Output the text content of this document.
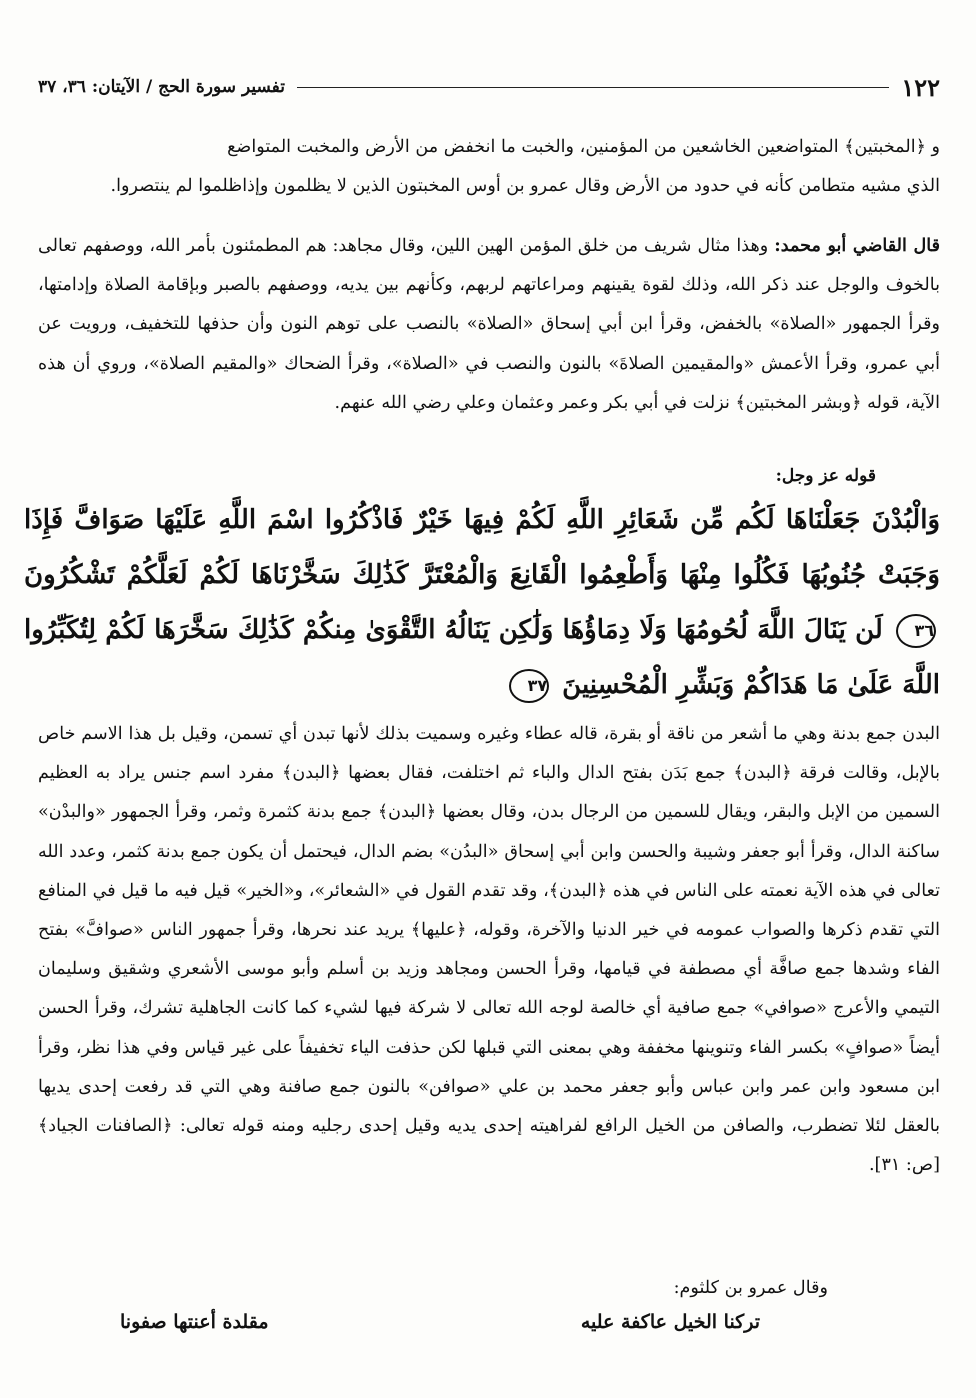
١٢٢
تفسير سورة الحج / الآيتان: ٣٦، ٣٧

و ﴿المخبتين﴾ المتواضعين الخاشعين من المؤمنين، والخبت ما انخفض من الأرض والمخبت المتواضع

الذي مشيه متطامن كأنه في حدود من الأرض وقال عمرو بن أوس المخبتون الذين لا يظلمون وإذاظلموا لم ينتصروا.

قال القاضي أبو محمد: وهذا مثال شريف من خلق المؤمن الهين اللين، وقال مجاهد: هم المطمئنون بأمر الله، ووصفهم تعالى بالخوف والوجل عند ذكر الله، وذلك لقوة يقينهم ومراعاتهم لربهم، وكأنهم بين يديه، ووصفهم بالصبر وبإقامة الصلاة وإدامتها، وقرأ الجمهور «الصلاة» بالخفض، وقرأ ابن أبي إسحاق «الصلاة» بالنصب على توهم النون وأن حذفها للتخفيف، ورويت عن أبي عمرو، وقرأ الأعمش «والمقيمين الصلاةَ» بالنون والنصب في «الصلاة»، وقرأ الضحاك «والمقيم الصلاة»، وروي أن هذه الآية، قوله ﴿وبشر المخبتين﴾ نزلت في أبي بكر وعمر وعثمان وعلي رضي الله عنهم.

قوله عز وجل:

وَالْبُدْنَ جَعَلْنَاهَا لَكُم مِّن شَعَائِرِ اللَّهِ لَكُمْ فِيهَا خَيْرٌ فَاذْكُرُوا اسْمَ اللَّهِ عَلَيْهَا صَوَافَّ فَإِذَا وَجَبَتْ جُنُوبُهَا فَكُلُوا مِنْهَا وَأَطْعِمُوا الْقَانِعَ وَالْمُعْتَرَّ كَذَٰلِكَ سَخَّرْنَاهَا لَكُمْ لَعَلَّكُمْ تَشْكُرُونَ ٣٦ لَن يَنَالَ اللَّهَ لُحُومُهَا وَلَا دِمَاؤُهَا وَلَٰكِن يَنَالُهُ التَّقْوَىٰ مِنكُمْ كَذَٰلِكَ سَخَّرَهَا لَكُمْ لِتُكَبِّرُوا اللَّهَ عَلَىٰ مَا هَدَاكُمْ وَبَشِّرِ الْمُحْسِنِينَ ٣٧

البدن جمع بدنة وهي ما أشعر من ناقة أو بقرة، قاله عطاء وغيره وسميت بذلك لأنها تبدن أي تسمن، وقيل بل هذا الاسم خاص بالإبل، وقالت فرقة ﴿البدن﴾ جمع بَدَن بفتح الدال والباء ثم اختلفت، فقال بعضها ﴿البدن﴾ مفرد اسم جنس يراد به العظيم السمين من الإبل والبقر، ويقال للسمين من الرجال بدن، وقال بعضها ﴿البدن﴾ جمع بدنة كثمرة وثمر، وقرأ الجمهور «والبدْن» ساكنة الدال، وقرأ أبو جعفر وشيبة والحسن وابن أبي إسحاق «البدُن» بضم الدال، فيحتمل أن يكون جمع بدنة كثمر، وعدد الله تعالى في هذه الآية نعمته على الناس في هذه ﴿البدن﴾، وقد تقدم القول في «الشعائر»، و«الخير» قيل فيه ما قيل في المنافع التي تقدم ذكرها والصواب عمومه في خير الدنيا والآخرة، وقوله، ﴿عليها﴾ يريد عند نحرها، وقرأ جمهور الناس «صوافَّ» بفتح الفاء وشدها جمع صافَّة أي مصطفة في قيامها، وقرأ الحسن ومجاهد وزيد بن أسلم وأبو موسى الأشعري وشقيق وسليمان التيمي والأعرج «صوافي» جمع صافية أي خالصة لوجه الله تعالى لا شركة فيها لشيء كما كانت الجاهلية تشرك، وقرأ الحسن أيضاً «صوافٍ» بكسر الفاء وتنوينها مخففة وهي بمعنى التي قبلها لكن حذفت الياء تخفيفاً على غير قياس وفي هذا نظر، وقرأ ابن مسعود وابن عمر وابن عباس وأبو جعفر محمد بن علي «صوافن» بالنون جمع صافنة وهي التي قد رفعت إحدى يديها بالعقل لئلا تضطرب، والصافن من الخيل الرافع لفراهيته إحدى يديه وقيل إحدى رجليه ومنه قوله تعالى: ﴿الصافنات الجياد﴾ [ص: ٣١].

وقال عمرو بن كلثوم:
تركنا الخيل عاكفة عليه
مقلدة أعنتها صفونا
